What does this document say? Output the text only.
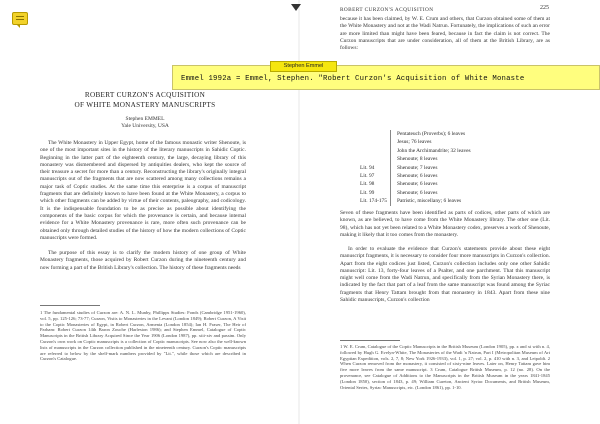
ROBERT CURZON'S ACQUISITION
OF WHITE MONASTERY MANUSCRIPTS
Stephen EMMEL
Yale University, USA
The White Monastery in Upper Egypt, home of the famous monastic writer Shenoute, is one of the most important sites in the history of the literary manuscripts in Sahidic Coptic. Beginning in the latter part of the eighteenth century, the large, decaying library of this monastery was dismembered and dispersed by antiquities dealers, who kept the source of their treasure a secret for more than a century. Reconstructing the library's originally integral manuscripts out of the fragments that are now scattered among many collections remains a major task of Coptic studies. At the same time this enterprise is a corpus of manuscript fragments that are definitely known to have been found at the White Monastery, a corpus to which other fragments can be added by virtue of their contents, paleography, and codicology. It is the indispensable foundation to be as precise as possible about identifying the components of the basic corpus for which the provenance is certain, and because internal evidence for a White Monastery provenance is rare, more often such provenance can be obtained only through detailed studies of the history of how the modern collections of Coptic manuscripts were formed.
The purpose of this essay is to clarify the modern history of one group of White Monastery fragments, those acquired by Robert Curzon during the nineteenth century and now forming a part of the British Library's collection. The history of these fragments needs
1 The fundamental studies of Curzon are: A. N. L. Munby, Phillipps Studies: Fonds (Cambridge 1951-1960), vol. 5, pp. 125-126; 73-77; Curzon, Visits to Monasteries in the Levant (London 1849); Robert Curzon, A Visit to the Coptic Monasteries of Egypt, in Robert Curzon, Armenia (London 1854); Ian H. Fraser, The Heir of Parham: Robert Curzon 14th Baron Zouche (Harleston 1986); and Stephen Emmel, Catalogue of Coptic Manuscripts in the British Library Acquired Since the Year 1906 (London 1987), pp. xiii-xiv and passim. Only Curzon's own work on Coptic manuscripts is a collection of Coptic manuscripts. See now also the well-known lists of manuscripts in the Curzon collection published in the nineteenth century. Curzon's Coptic manuscripts are referred to below by the shelf-mark numbers provided by "Lit.", while those which are described in Curzon's Catalogue.
ROBERT CURZON'S ACQUISITION	225
because it has been claimed, by W. E. Crum and others, that Curzon obtained some of them at the White Monastery and not at the Wadi Natrun. Fortunately, the implications of such an error are more limited than might have been feared, because in fact the claim is not correct. The Curzon manuscripts that are under consideration, all of them at the British Library, are as follows:
Pentateuch (Proverbs); 6 leaves
Jesus; 76 leaves
John the Archimandrite; 32 leaves
Shenoute; 8 leaves
Lit. 94	Shenoute; 7 leaves
Lit. 97	Shenoute; 6 leaves
Lit. 98	Shenoute; 6 leaves
Lit. 99	Shenoute; 6 leaves
Lit. 174-175	Patristic, miscellany; 6 leaves
Seven of these fragments have been identified as parts of codices, other parts of which are known, as are believed, to have come from the White Monastery library. The other one (Lit. 98), which has not yet been related to a White Monastery codex, preserves a work of Shenoute, making it likely that it too comes from the monastery.
In order to evaluate the evidence that Curzon's statements provide about these eight manuscript fragments, it is necessary to consider four more manuscripts in Curzon's collection. Apart from the eight codices just listed, Curzon's collection includes only one other Sahidic manuscript: Lit. 13, forty-four leaves of a Psalter, and one parchment. That this manuscript might well come from the Wadi Natrun, and specifically from the Syrian Monastery there, is indicated by the fact that part of a leaf from the same manuscript was found among the Syriac fragments that Henry Tattam brought from that monastery in 1843. Apart from these nine Sahidic manuscripts, Curzon's collection
1 W. E. Crum, Catalogue of the Coptic Manuscripts in the British Museum (London 1905), pp. x and xi with n. 4, followed by Hugh G. Evelyn-White, The Monasteries of the Wadi 'n Natrun, Part I (Metropolitan Museum of Art Egyptian Expedition, vols. 2, 7, 8; New York 1926-1933), vol. 1, p. 27; vol. 2, p. 410 with n. 3, and Leipoldt. 2 When Curzon removed from the monastery, it consisted of sixty-nine leaves. Later on, Henry Tattam gave him five more leaves from the same manuscript. 3 Crum, Catalogue British Museum, p. 12 (no. 28). On the provenance, see Catalogue of Additions to the Manuscripts in the British Museum in the years 1841-1845 (London 1850), section of 1843, p. 49; William Cureton, Ancient Syriac Documents, and British Museum, Oriental Series, Syriac Manuscripts, etc. (London 1861), pp. 1-10.
Stephen Emmel
Emmel 1992a = Emmel, Stephen. "Robert Curzon's Acquisition of White Monaste
